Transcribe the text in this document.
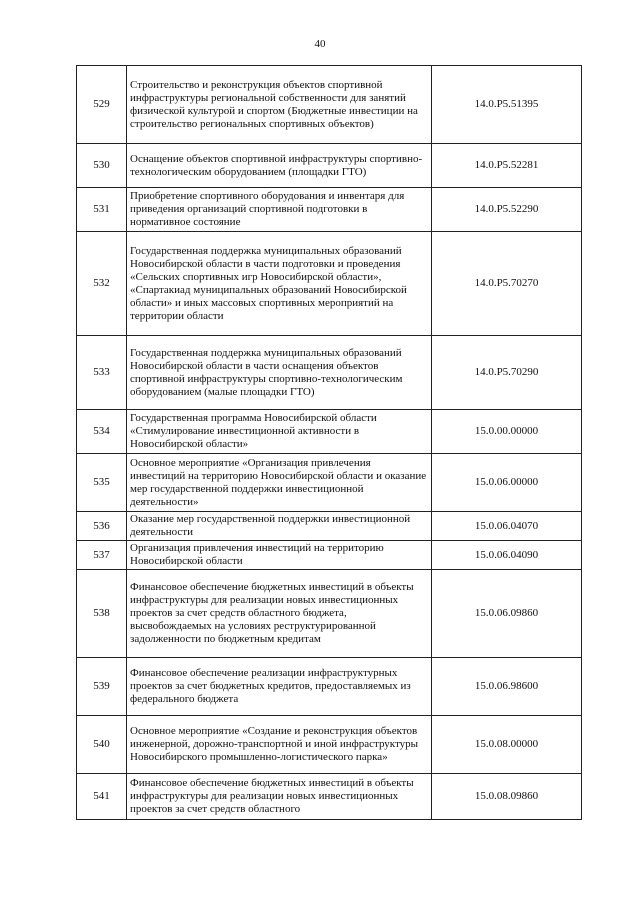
40
529	Строительство и реконструкция объектов спортивной инфраструктуры региональной собственности для занятий физической культурой и спортом (Бюджетные инвестиции на строительство региональных спортивных объектов)	14.0.Р5.51395
530	Оснащение объектов спортивной инфраструктуры спортивно-технологическим оборудованием (площадки ГТО)	14.0.Р5.52281
531	Приобретение спортивного оборудования и инвентаря для приведения организаций спортивной подготовки в нормативное состояние	14.0.Р5.52290
532	Государственная поддержка муниципальных образований Новосибирской области в части подготовки и проведения «Сельских спортивных игр Новосибирской области», «Спартакиад муниципальных образований Новосибирской области» и иных массовых спортивных мероприятий на территории области	14.0.Р5.70270
533	Государственная поддержка муниципальных образований Новосибирской области в части оснащения объектов спортивной инфраструктуры спортивно-технологическим оборудованием (малые площадки ГТО)	14.0.Р5.70290
534	Государственная программа Новосибирской области «Стимулирование инвестиционной активности в Новосибирской области»	15.0.00.00000
535	Основное мероприятие «Организация привлечения инвестиций на территорию Новосибирской области и оказание мер государственной поддержки инвестиционной деятельности»	15.0.06.00000
536	Оказание мер государственной поддержки инвестиционной деятельности	15.0.06.04070
537	Организация привлечения инвестиций на территорию Новосибирской области	15.0.06.04090
538	Финансовое обеспечение бюджетных инвестиций в объекты инфраструктуры для реализации новых инвестиционных проектов за счет средств областного бюджета, высвобождаемых на условиях реструктурированной задолженности по бюджетным кредитам	15.0.06.09860
539	Финансовое обеспечение реализации инфраструктурных проектов за счет бюджетных кредитов, предоставляемых из федерального бюджета	15.0.06.98600
540	Основное мероприятие «Создание и реконструкция объектов инженерной, дорожно-транспортной и иной инфраструктуры Новосибирского промышленно-логистического парка»	15.0.08.00000
541	Финансовое обеспечение бюджетных инвестиций в объекты инфраструктуры для реализации новых инвестиционных проектов за счет средств областного	15.0.08.09860
